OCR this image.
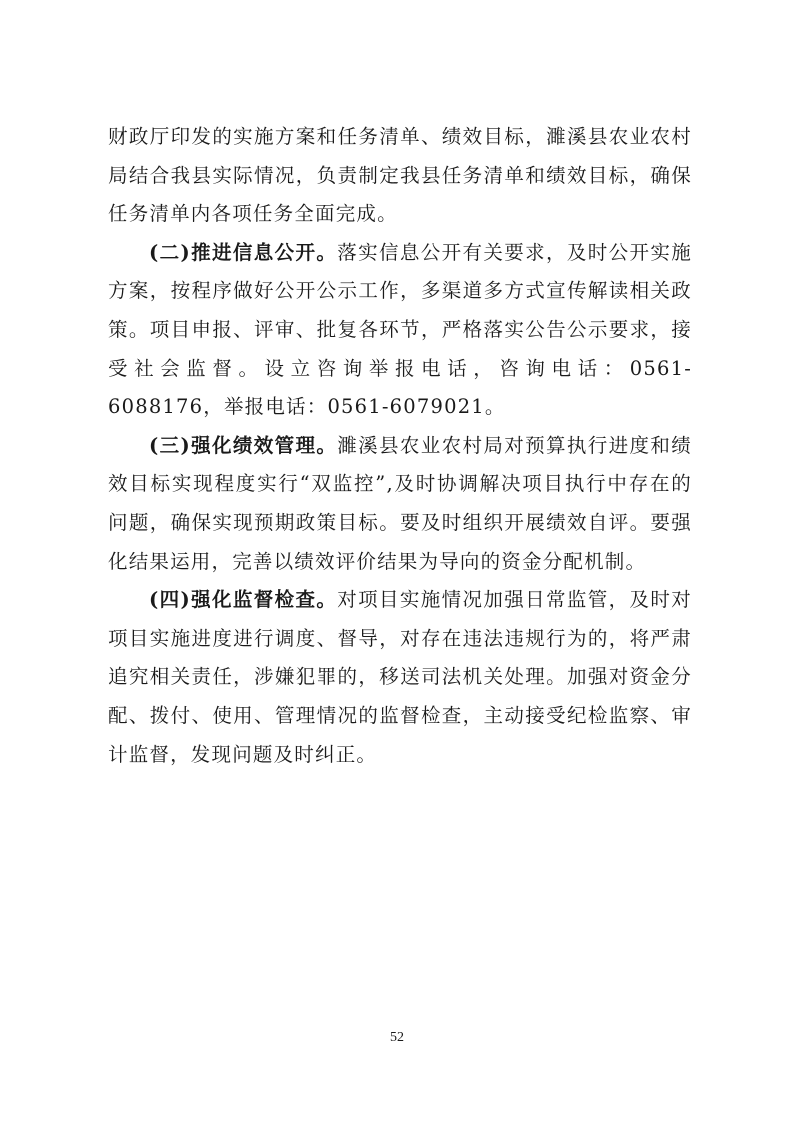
财政厅印发的实施方案和任务清单、绩效目标，濉溪县农业农村局结合我县实际情况，负责制定我县任务清单和绩效目标，确保任务清单内各项任务全面完成。

(二)推进信息公开。落实信息公开有关要求，及时公开实施方案，按程序做好公开公示工作，多渠道多方式宣传解读相关政策。项目申报、评审、批复各环节，严格落实公告公示要求，接受社会监督。设立咨询举报电话，咨询电话：0561-6088176，举报电话：0561-6079021。

(三)强化绩效管理。濉溪县农业农村局对预算执行进度和绩效目标实现程度实行“双监控”,及时协调解决项目执行中存在的问题，确保实现预期政策目标。要及时组织开展绩效自评。要强化结果运用，完善以绩效评价结果为导向的资金分配机制。

(四)强化监督检查。对项目实施情况加强日常监管，及时对项目实施进度进行调度、督导，对存在违法违规行为的，将严肃追究相关责任，涉嫌犯罪的，移送司法机关处理。加强对资金分配、拨付、使用、管理情况的监督检查，主动接受纪检监察、审计监督，发现问题及时纠正。

52
